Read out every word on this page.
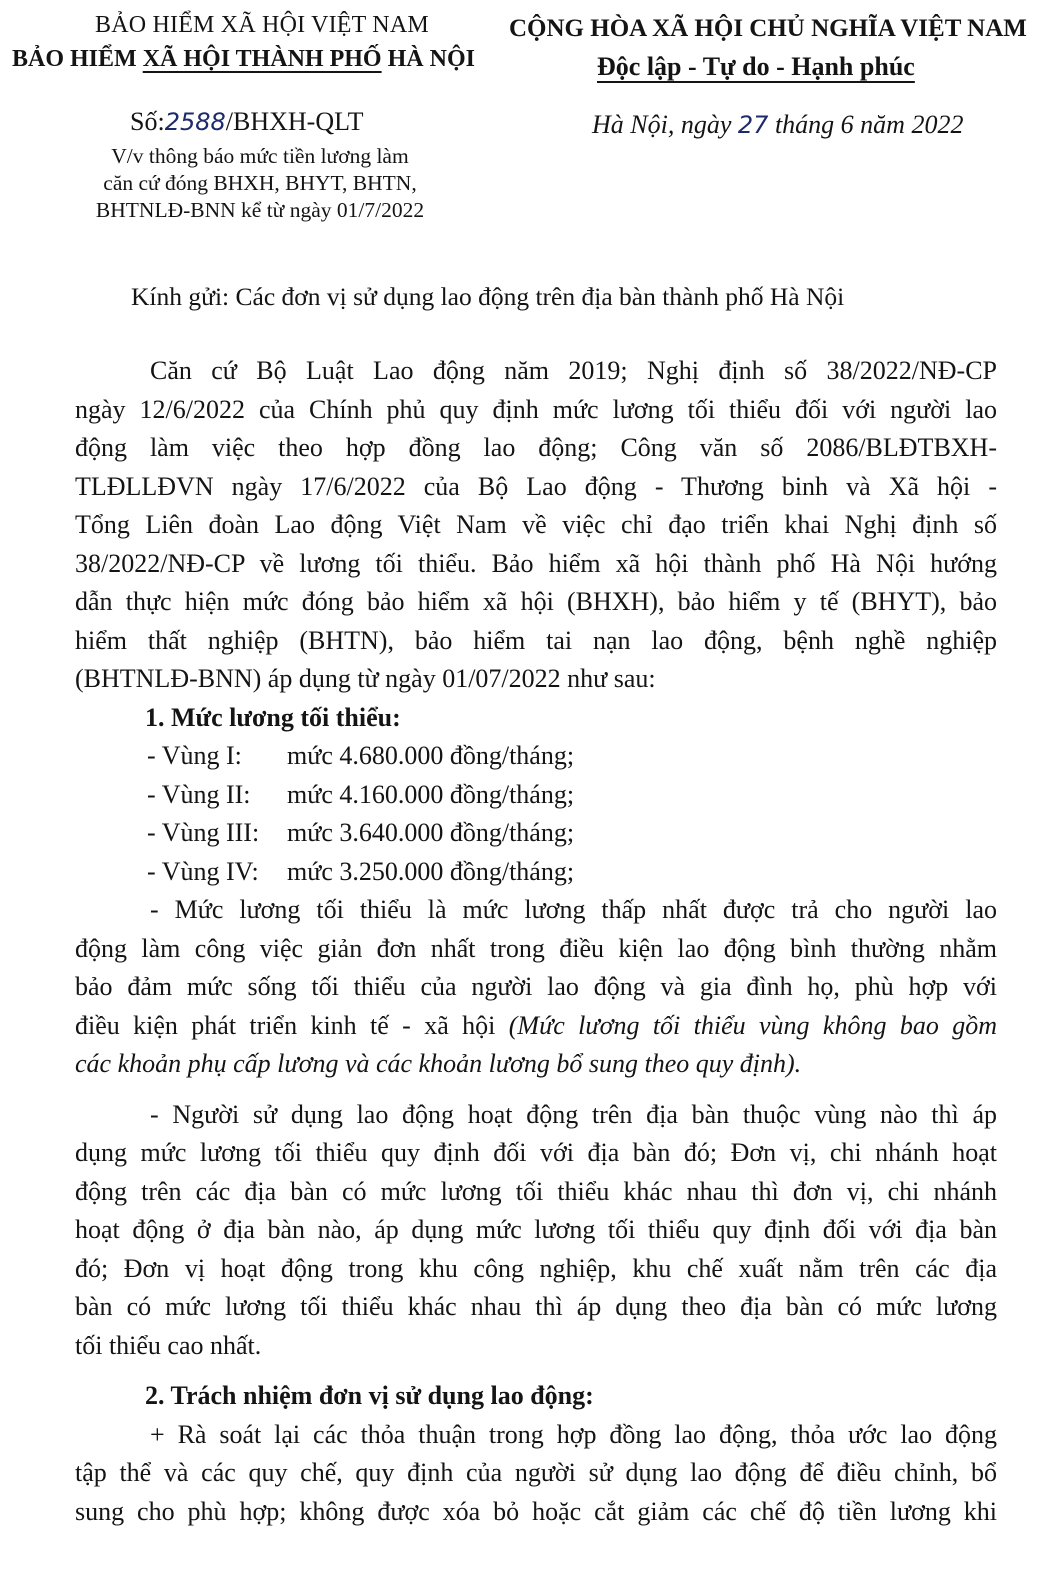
BẢO HIỂM XÃ HỘI VIỆT NAM
BẢO HIỂM XÃ HỘI THÀNH PHỐ HÀ NỘI
CỘNG HÒA XÃ HỘI CHỦ NGHĨA VIỆT NAM
Độc lập - Tự do - Hạnh phúc
Số:2588/BHXH-QLT	Hà Nội, ngày 27 tháng 6 năm 2022
V/v thông báo mức tiền lương làm
căn cứ đóng BHXH, BHYT, BHTN,
BHTNLĐ-BNN kể từ ngày 01/7/2022
Kính gửi: Các đơn vị sử dụng lao động trên địa bàn thành phố Hà Nội

Căn cứ Bộ Luật Lao động năm 2019; Nghị định số 38/2022/NĐ-CP

ngày 12/6/2022 của Chính phủ quy định mức lương tối thiểu đối với người lao

động làm việc theo hợp đồng lao động; Công văn số 2086/BLĐTBXH-

TLĐLLĐVN ngày 17/6/2022 của Bộ Lao động - Thương binh và Xã hội -

Tổng Liên đoàn Lao động Việt Nam về việc chỉ đạo triển khai Nghị định số

38/2022/NĐ-CP về lương tối thiểu. Bảo hiểm xã hội thành phố Hà Nội hướng

dẫn thực hiện mức đóng bảo hiểm xã hội (BHXH), bảo hiểm y tế (BHYT), bảo

hiểm thất nghiệp (BHTN), bảo hiểm tai nạn lao động, bệnh nghề nghiệp

(BHTNLĐ-BNN) áp dụng từ ngày 01/07/2022 như sau:

1. Mức lương tối thiểu:

- Vùng I: mức 4.680.000 đồng/tháng;

- Vùng II: mức 4.160.000 đồng/tháng;

- Vùng III: mức 3.640.000 đồng/tháng;

- Vùng IV: mức 3.250.000 đồng/tháng;

- Mức lương tối thiểu là mức lương thấp nhất được trả cho người lao

động làm công việc giản đơn nhất trong điều kiện lao động bình thường nhằm

bảo đảm mức sống tối thiểu của người lao động và gia đình họ, phù hợp với

điều kiện phát triển kinh tế - xã hội (Mức lương tối thiểu vùng không bao gồm

các khoản phụ cấp lương và các khoản lương bổ sung theo quy định).

- Người sử dụng lao động hoạt động trên địa bàn thuộc vùng nào thì áp

dụng mức lương tối thiểu quy định đối với địa bàn đó; Đơn vị, chi nhánh hoạt

động trên các địa bàn có mức lương tối thiểu khác nhau thì đơn vị, chi nhánh

hoạt động ở địa bàn nào, áp dụng mức lương tối thiểu quy định đối với địa bàn

đó; Đơn vị hoạt động trong khu công nghiệp, khu chế xuất nằm trên các địa

bàn có mức lương tối thiểu khác nhau thì áp dụng theo địa bàn có mức lương

tối thiểu cao nhất.

2. Trách nhiệm đơn vị sử dụng lao động:

+ Rà soát lại các thỏa thuận trong hợp đồng lao động, thỏa ước lao động

tập thể và các quy chế, quy định của người sử dụng lao động để điều chỉnh, bổ

sung cho phù hợp; không được xóa bỏ hoặc cắt giảm các chế độ tiền lương khi
